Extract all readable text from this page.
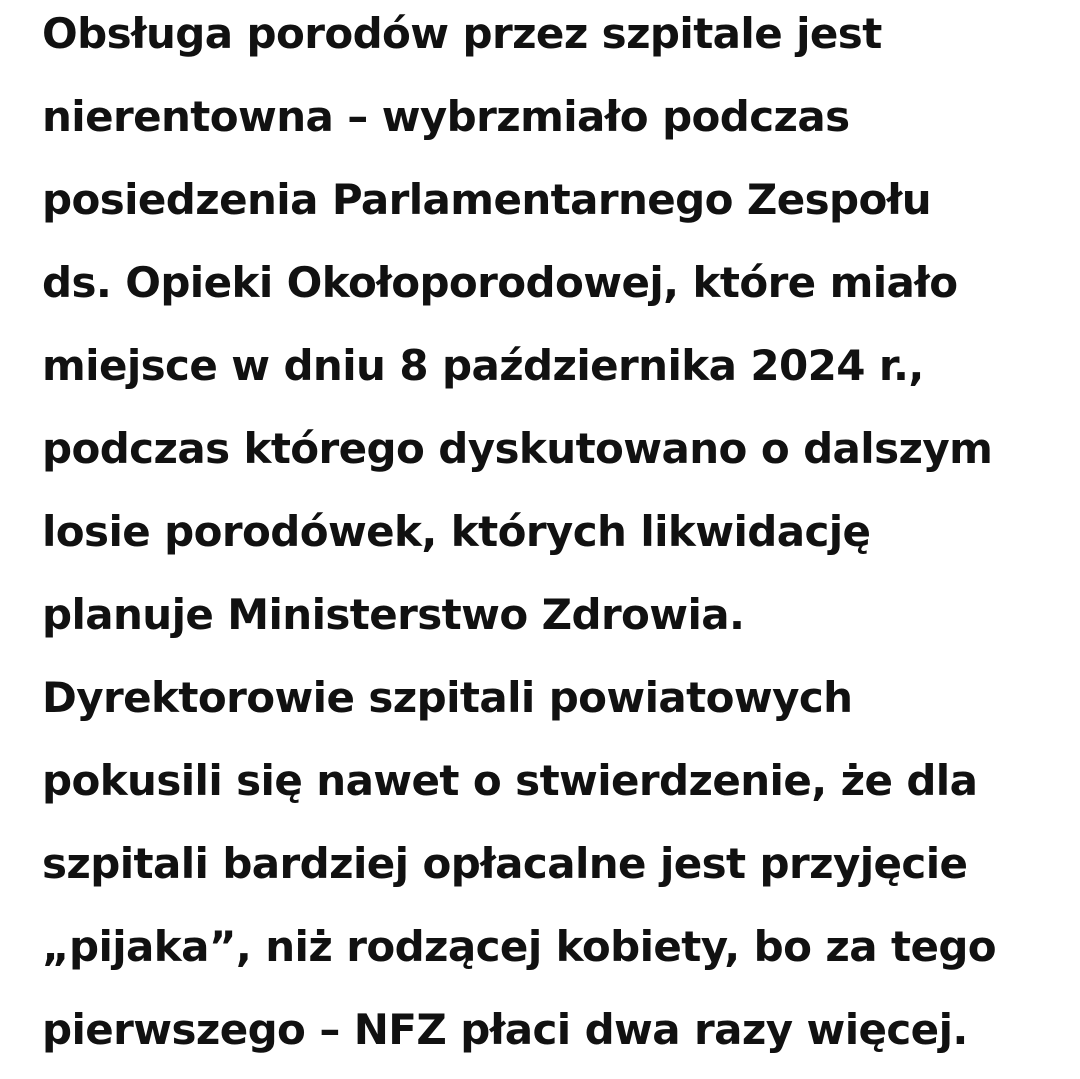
Obsługa porodów przez szpitale jest
nierentowna – wybrzmiało podczas
posiedzenia Parlamentarnego Zespołu
ds. Opieki Okołoporodowej, które miało
miejsce w dniu 8 października 2024 r.,
podczas którego dyskutowano o dalszym
losie porodówek, których likwidację
planuje Ministerstwo Zdrowia.
Dyrektorowie szpitali powiatowych
pokusili się nawet o stwierdzenie, że dla
szpitali bardziej opłacalne jest przyjęcie
„pijaka”, niż rodzącej kobiety, bo za tego
pierwszego – NFZ płaci dwa razy więcej.
